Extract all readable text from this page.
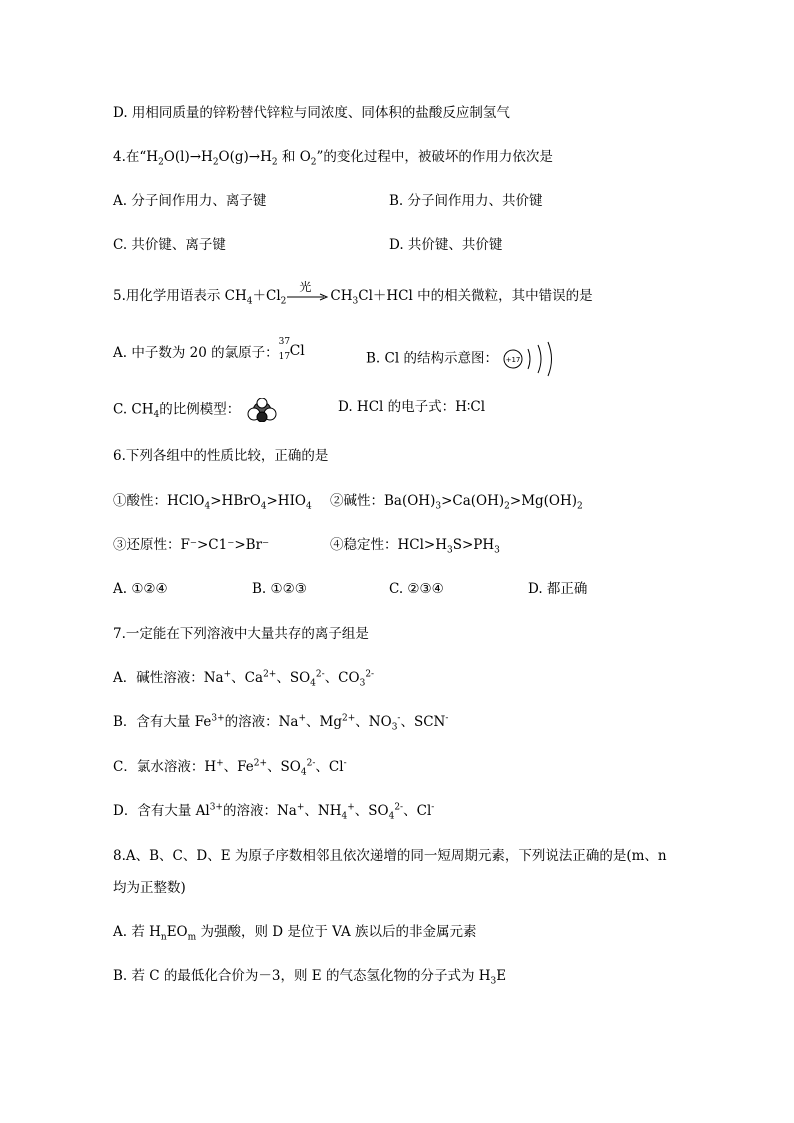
D. 用相同质量的锌粉替代锌粒与同浓度、同体积的盐酸反应制氢气
4.在“$H_2O(l)\to H_2O(g)\to H_2$ 和 $O_2$”的变化过程中，被破坏的作用力依次是
A. 分子间作用力、离子键	B. 分子间作用力、共价键
C. 共价键、离子键	D. 共价键、共价键
5.用化学用语表示 $CH_4+Cl_2$
光
$CH_3Cl+HCl$ 中的相关微粒，其中错误的是
A. 中子数为 20 的氯原子：
37
17 Cl	B. Cl 的结构示意图： +17
C. $CH_4$的比例模型：	D. HCl 的电子式：H∶Cl
6.下列各组中的性质比较，正确的是
①酸性：$HClO_4>HBrO_4>HIO_4$ ②碱性：$Ba(OH)_3>Ca(OH)_2>Mg(OH)_2$
③还原性：F⁻>C1⁻>Br⁻	④稳定性：$HCl>H_3S>PH_3$
A. ①②④	B. ①②③	C. ②③④	D. 都正确
7.一定能在下列溶液中大量共存的离子组是
A．碱性溶液：Na+、$Ca^{2+}$、$SO_4^{2-}$、$CO_3^{2-}$
B．含有大量 $Fe^{3+}$的溶液：Na+、$Mg^{2+}$、$NO_3^-$、SCN-
C．氯水溶液：H+、$Fe^{2+}$、$SO_4^{2-}$、Cl-
D．含有大量 $Al^{3+}$的溶液：Na+、$NH_4^+$、$SO_4^{2-}$、Cl-
8.A、B、C、D、E 为原子序数相邻且依次递增的同一短周期元素，下列说法正确的是(m、n
均为正整数)
A. 若 $H_nEO_m$ 为强酸，则 D 是位于 VA 族以后的非金属元素
B. 若 C 的最低化合价为－3，则 E 的气态氢化物的分子式为 $H_3E$
